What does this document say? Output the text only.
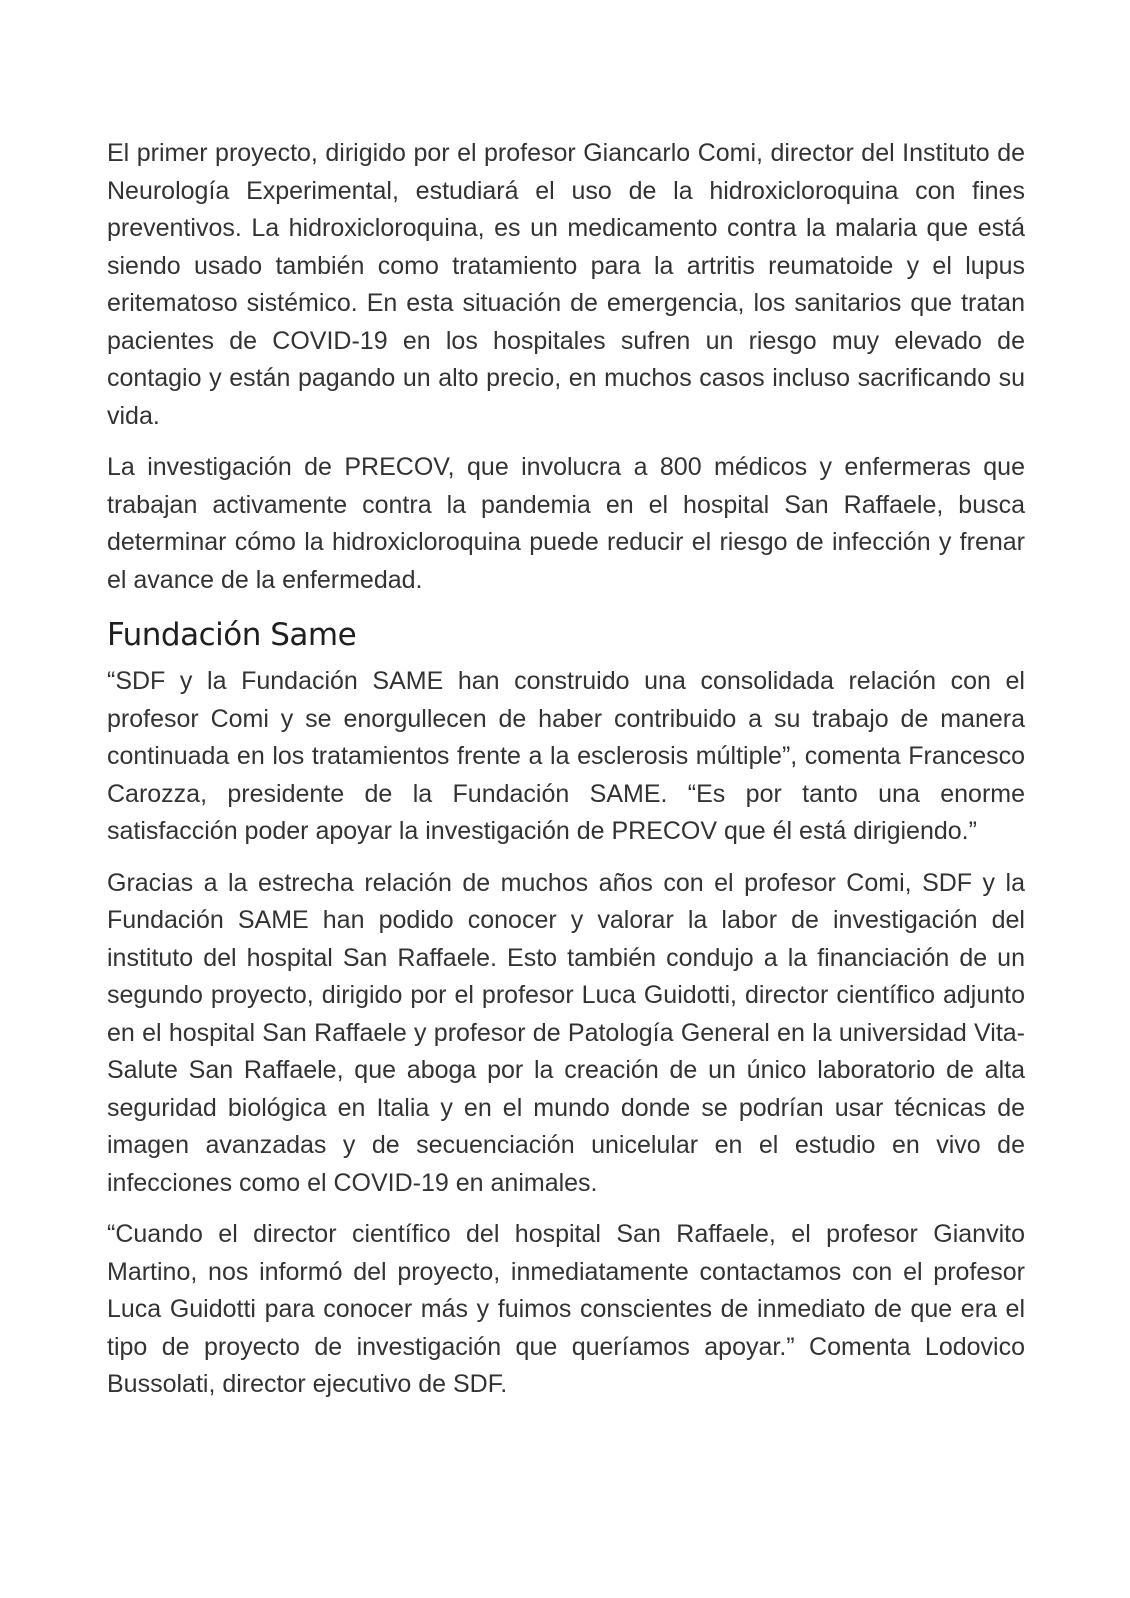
El primer proyecto, dirigido por el profesor Giancarlo Comi, director del Instituto de Neurología Experimental, estudiará el uso de la hidroxicloroquina con fines preventivos. La hidroxicloroquina, es un medicamento contra la malaria que está siendo usado también como tratamiento para la artritis reumatoide y el lupus eritematoso sistémico. En esta situación de emergencia, los sanitarios que tratan pacientes de COVID-19 en los hospitales sufren un riesgo muy elevado de contagio y están pagando un alto precio, en muchos casos incluso sacrificando su vida.

La investigación de PRECOV, que involucra a 800 médicos y enfermeras que trabajan activamente contra la pandemia en el hospital San Raffaele, busca determinar cómo la hidroxicloroquina puede reducir el riesgo de infección y frenar el avance de la enfermedad.

Fundación Same

“SDF y la Fundación SAME han construido una consolidada relación con el profesor Comi y se enorgullecen de haber contribuido a su trabajo de manera continuada en los tratamientos frente a la esclerosis múltiple”, comenta Francesco Carozza, presidente de la Fundación SAME. “Es por tanto una enorme satisfacción poder apoyar la investigación de PRECOV que él está dirigiendo.”

Gracias a la estrecha relación de muchos años con el profesor Comi, SDF y la Fundación SAME han podido conocer y valorar la labor de investigación del instituto del hospital San Raffaele. Esto también condujo a la financiación de un segundo proyecto, dirigido por el profesor Luca Guidotti, director científico adjunto en el hospital San Raffaele y profesor de Patología General en la universidad Vita-Salute San Raffaele, que aboga por la creación de un único laboratorio de alta seguridad biológica en Italia y en el mundo donde se podrían usar técnicas de imagen avanzadas y de secuenciación unicelular en el estudio en vivo de infecciones como el COVID-19 en animales.

“Cuando el director científico del hospital San Raffaele, el profesor Gianvito Martino, nos informó del proyecto, inmediatamente contactamos con el profesor Luca Guidotti para conocer más y fuimos conscientes de inmediato de que era el tipo de proyecto de investigación que queríamos apoyar.” Comenta Lodovico Bussolati, director ejecutivo de SDF.
